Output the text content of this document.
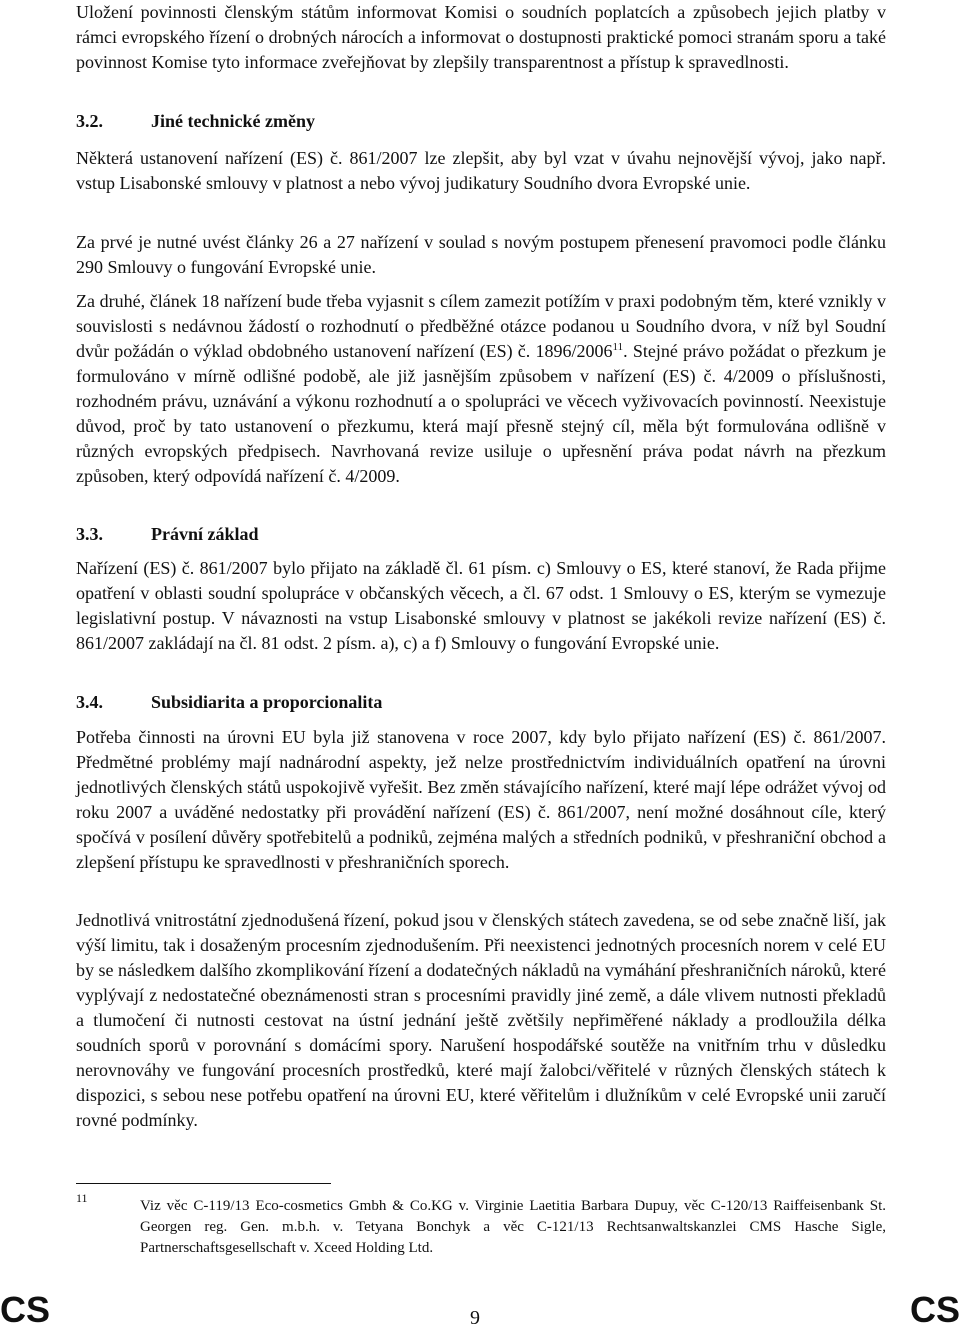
Uložení povinnosti členským státům informovat Komisi o soudních poplatcích a způsobech jejich platby v rámci evropského řízení o drobných nárocích a informovat o dostupnosti praktické pomoci stranám sporu a také povinnost Komise tyto informace zveřejňovat by zlepšily transparentnost a přístup k spravedlnosti.

3.2.	Jiné technické změny

Některá ustanovení nařízení (ES) č. 861/2007 lze zlepšit, aby byl vzat v úvahu nejnovější vývoj, jako např. vstup Lisabonské smlouvy v platnost a nebo vývoj judikatury Soudního dvora Evropské unie.

Za prvé je nutné uvést články 26 a 27 nařízení v soulad s novým postupem přenesení pravomoci podle článku 290 Smlouvy o fungování Evropské unie.

Za druhé, článek 18 nařízení bude třeba vyjasnit s cílem zamezit potížím v praxi podobným těm, které vznikly v souvislosti s nedávnou žádostí o rozhodnutí o předběžné otázce podanou u Soudního dvora, v níž byl Soudní dvůr požádán o výklad obdobného ustanovení nařízení (ES) č. 1896/2006$^{11}$. Stejné právo požádat o přezkum je formulováno v mírně odlišné podobě, ale již jasnějším způsobem v nařízení (ES) č. 4/2009 o příslušnosti, rozhodném právu, uznávání a výkonu rozhodnutí a o spolupráci ve věcech vyživovacích povinností. Neexistuje důvod, proč by tato ustanovení o přezkumu, která mají přesně stejný cíl, měla být formulována odlišně v různých evropských předpisech. Navrhovaná revize usiluje o upřesnění práva podat návrh na přezkum způsoben, který odpovídá nařízení č. 4/2009.

3.3.	Právní základ

Nařízení (ES) č. 861/2007 bylo přijato na základě čl. 61 písm. c) Smlouvy o ES, které stanoví, že Rada přijme opatření v oblasti soudní spolupráce v občanských věcech, a čl. 67 odst. 1 Smlouvy o ES, kterým se vymezuje legislativní postup. V návaznosti na vstup Lisabonské smlouvy v platnost se jakékoli revize nařízení (ES) č. 861/2007 zakládají na čl. 81 odst. 2 písm. a), c) a f) Smlouvy o fungování Evropské unie.

3.4.	Subsidiarita a proporcionalita

Potřeba činnosti na úrovni EU byla již stanovena v roce 2007, kdy bylo přijato nařízení (ES) č. 861/2007. Předmětné problémy mají nadnárodní aspekty, jež nelze prostřednictvím individuálních opatření na úrovni jednotlivých členských států uspokojivě vyřešit. Bez změn stávajícího nařízení, které mají lépe odrážet vývoj od roku 2007 a uváděné nedostatky při provádění nařízení (ES) č. 861/2007, není možné dosáhnout cíle, který spočívá v posílení důvěry spotřebitelů a podniků, zejména malých a středních podniků, v přeshraniční obchod a zlepšení přístupu ke spravedlnosti v přeshraničních sporech.

Jednotlivá vnitrostátní zjednodušená řízení, pokud jsou v členských státech zavedena, se od sebe značně liší, jak výší limitu, tak i dosaženým procesním zjednodušením. Při neexistenci jednotných procesních norem v celé EU by se následkem dalšího zkomplikování řízení a dodatečných nákladů na vymáhání přeshraničních nároků, které vyplývají z nedostatečné obeznámenosti stran s procesními pravidly jiné země, a dále vlivem nutnosti překladů a tlumočení či nutnosti cestovat na ústní jednání ještě zvětšily nepřiměřené náklady a prodloužila délka soudních sporů v porovnání s domácími spory. Narušení hospodářské soutěže na vnitřním trhu v důsledku nerovnováhy ve fungování procesních prostředků, které mají žalobci/věřitelé v různých členských státech k dispozici, s sebou nese potřebu opatření na úrovni EU, které věřitelům i dlužníkům v celé Evropské unii zaručí rovné podmínky.

11	Viz věc C-119/13 Eco-cosmetics Gmbh & Co.KG v. Virginie Laetitia Barbara Dupuy, věc C-120/13 Raiffeisenbank St. Georgen reg. Gen. m.b.h. v. Tetyana Bonchyk a věc C-121/13 Rechtsanwaltskanzlei CMS Hasche Sigle, Partnerschaftsgesellschaft v. Xceed Holding Ltd.
CS	9	CS
